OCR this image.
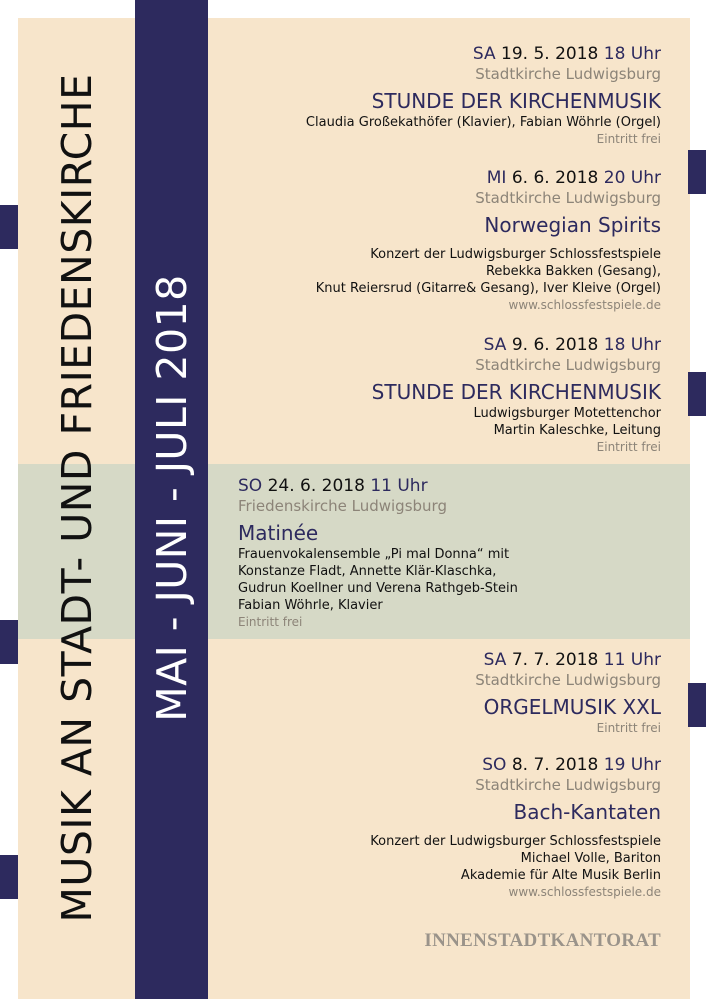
MUSIK AN STADT- UND FRIEDENSKIRCHE MAI - JUNI - JULI 2018
SA 19. 5. 2018 18 Uhr
Stadtkirche Ludwigsburg
STUNDE DER KIRCHENMUSIK
Claudia Großekathöfer (Klavier), Fabian Wöhrle (Orgel)
Eintritt frei
MI 6. 6. 2018 20 Uhr
Stadtkirche Ludwigsburg
Norwegian Spirits
Konzert der Ludwigsburger Schlossfestspiele
Rebekka Bakken (Gesang),
Knut Reiersrud (Gitarre& Gesang), Iver Kleive (Orgel)
www.schlossfestspiele.de
SA 9. 6. 2018 18 Uhr
Stadtkirche Ludwigsburg
STUNDE DER KIRCHENMUSIK
Ludwigsburger Motettenchor
Martin Kaleschke, Leitung
Eintritt frei
SO 24. 6. 2018 11 Uhr
Friedenskirche Ludwigsburg
Matinée
Frauenvokalensemble „Pi mal Donna“ mit
Konstanze Fladt, Annette Klär-Klaschka,
Gudrun Koellner und Verena Rathgeb-Stein
Fabian Wöhrle, Klavier
Eintritt frei
SA 7. 7. 2018 11 Uhr
Stadtkirche Ludwigsburg
ORGELMUSIK XXL
Eintritt frei
SO 8. 7. 2018 19 Uhr
Stadtkirche Ludwigsburg
Bach-Kantaten
Konzert der Ludwigsburger Schlossfestspiele
Michael Volle, Bariton
Akademie für Alte Musik Berlin
www.schlossfestspiele.de
INNENSTADTKANTORAT
